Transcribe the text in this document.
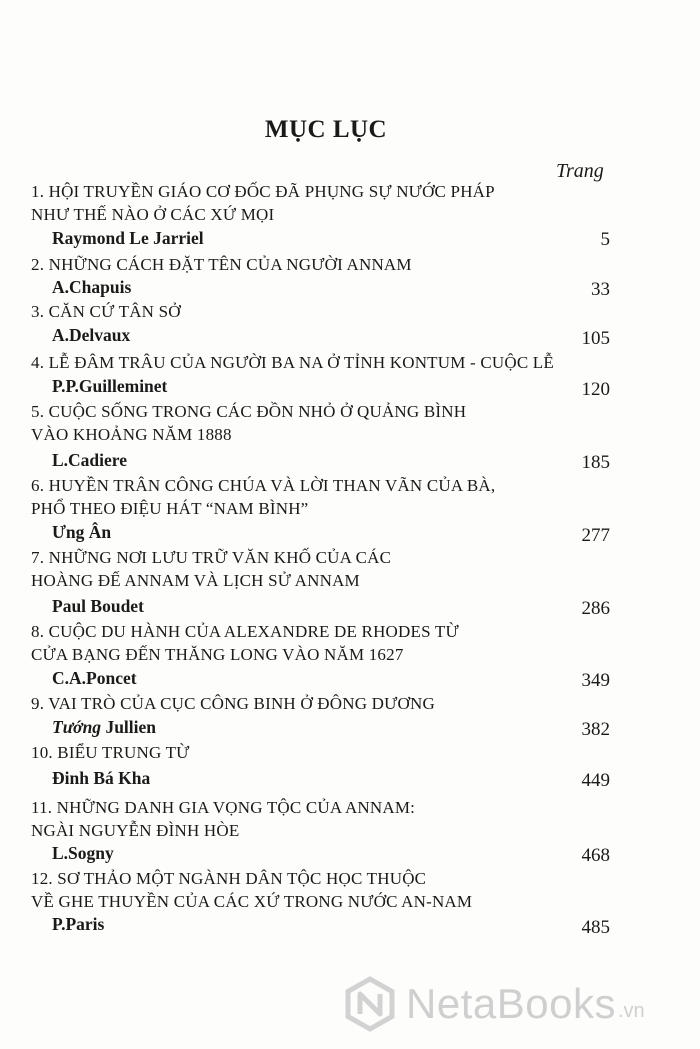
MỤC LỤC
Trang
1. HỘI TRUYỀN GIÁO CƠ ĐỐC ĐÃ PHỤNG SỰ NƯỚC PHÁP
NHƯ THẾ NÀO Ở CÁC XỨ MỌI
Raymond Le Jarriel	5
2. NHỮNG CÁCH ĐẶT TÊN CỦA NGƯỜI ANNAM
A.Chapuis	33
3. CĂN CỨ TÂN SỞ
A.Delvaux	105
4. LỄ ĐÂM TRÂU CỦA NGƯỜI BA NA Ở TỈNH KONTUM - CUỘC LỄ
P.P.Guilleminet	120
5. CUỘC SỐNG TRONG CÁC ĐỒN NHỎ Ở QUẢNG BÌNH
VÀO KHOẢNG NĂM 1888
L.Cadiere	185
6. HUYỀN TRÂN CÔNG CHÚA VÀ LỜI THAN VÃN CỦA BÀ,
PHỔ THEO ĐIỆU HÁT “NAM BÌNH”
Ưng Ân	277
7. NHỮNG NƠI LƯU TRỮ VĂN KHỐ CỦA CÁC
HOÀNG ĐẾ ANNAM VÀ LỊCH SỬ ANNAM
Paul Boudet	286
8. CUỘC DU HÀNH CỦA ALEXANDRE DE RHODES TỪ
CỬA BẠNG ĐẾN THĂNG LONG VÀO NĂM 1627
C.A.Poncet	349
9. VAI TRÒ CỦA CỤC CÔNG BINH Ở ĐÔNG DƯƠNG
Tướng Jullien	382
10. BIỂU TRUNG TỪ
Đinh Bá Kha	449
11. NHỮNG DANH GIA VỌNG TỘC CỦA ANNAM:
NGÀI NGUYỄN ĐÌNH HÒE
L.Sogny	468
12. SƠ THẢO MỘT NGÀNH DÂN TỘC HỌC THUỘC
VỀ GHE THUYỀN CỦA CÁC XỨ TRONG NƯỚC AN-NAM
P.Paris	485
NetaBooks .vn
